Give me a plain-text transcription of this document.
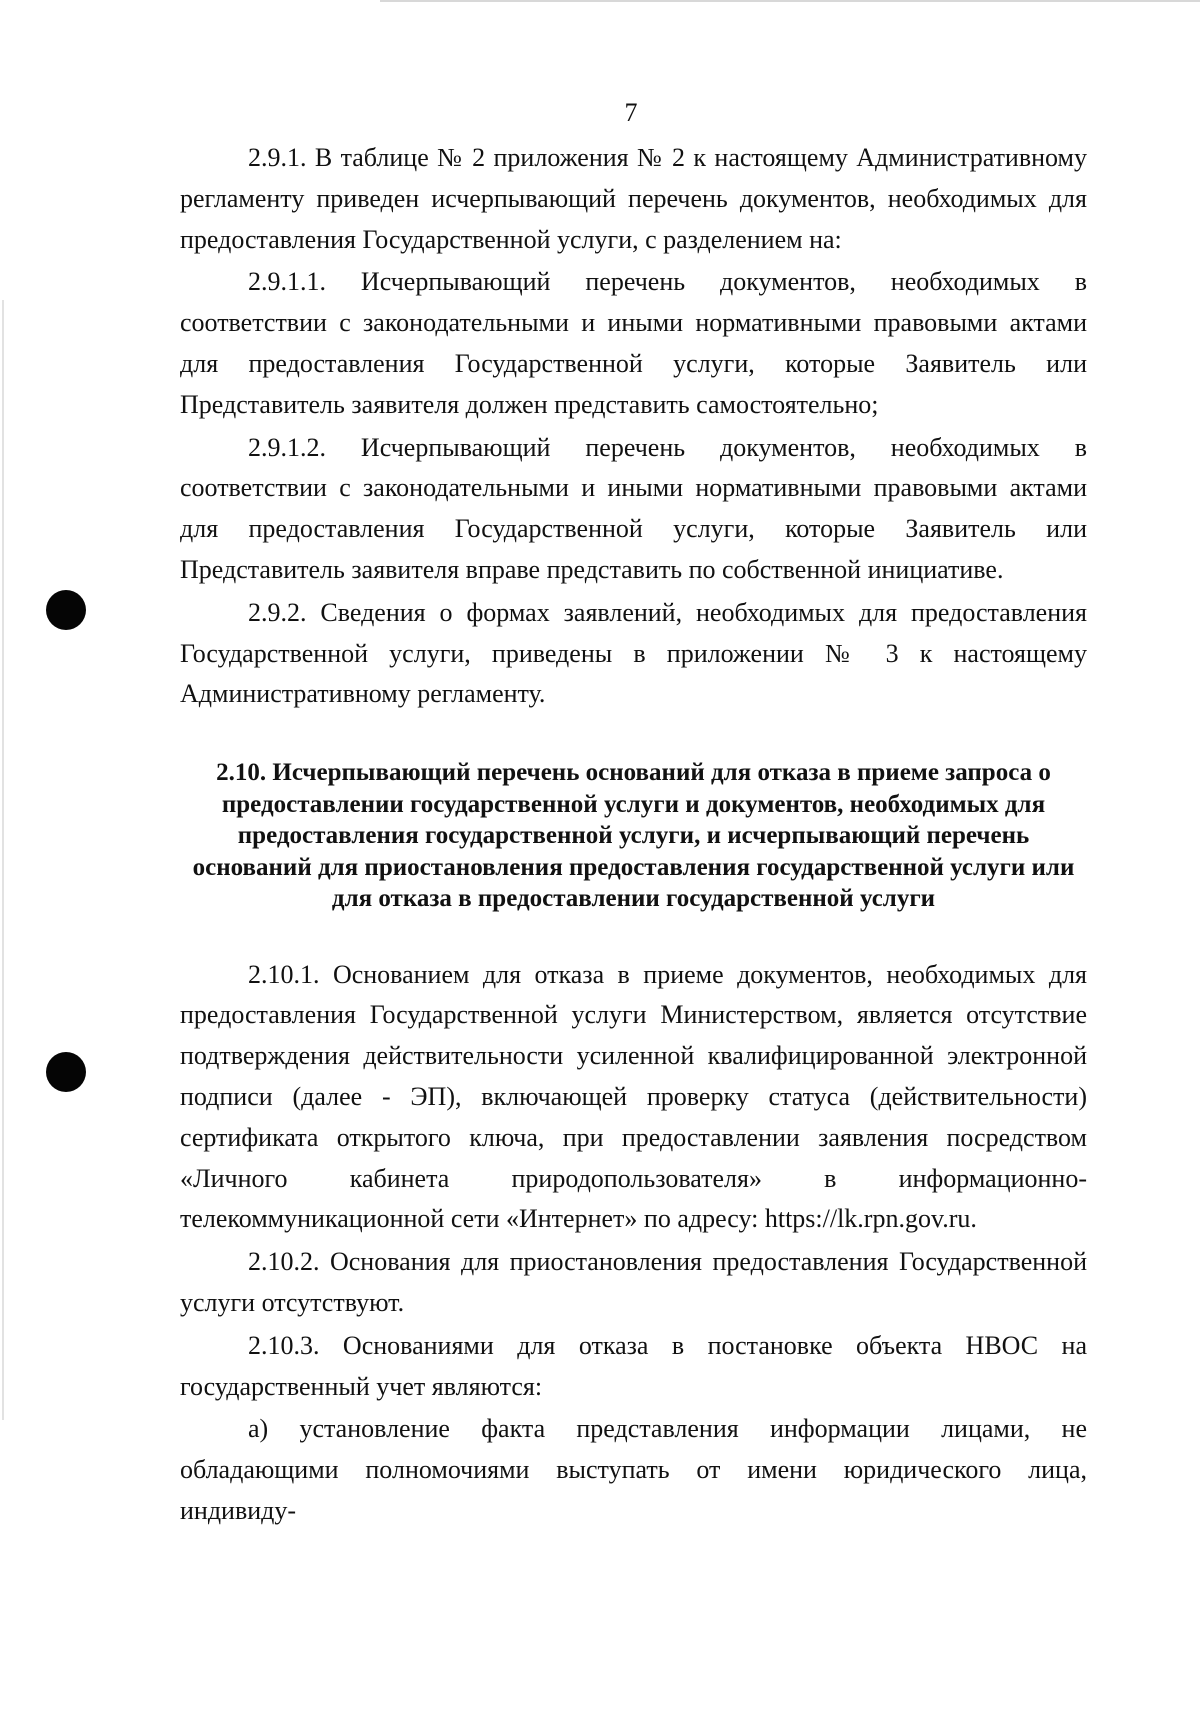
7

2.9.1. В таблице № 2 приложения № 2 к настоящему Административному регламенту приведен исчерпывающий перечень документов, необходимых для предоставления Государственной услуги, с разделением на:

2.9.1.1. Исчерпывающий перечень документов, необходимых в соответствии с законодательными и иными нормативными правовыми актами для предоставления Государственной услуги, которые Заявитель или Представитель заявителя должен представить самостоятельно;

2.9.1.2. Исчерпывающий перечень документов, необходимых в соответствии с законодательными и иными нормативными правовыми актами для предоставления Государственной услуги, которые Заявитель или Представитель заявителя вправе представить по собственной инициативе.

2.9.2. Сведения о формах заявлений, необходимых для предоставления Государственной услуги, приведены в приложении № 3 к настоящему Административному регламенту.

2.10. Исчерпывающий перечень оснований для отказа в приеме запроса о предоставлении государственной услуги и документов, необходимых для предоставления государственной услуги, и исчерпывающий перечень оснований для приостановления предоставления государственной услуги или для отказа в предоставлении государственной услуги

2.10.1. Основанием для отказа в приеме документов, необходимых для предоставления Государственной услуги Министерством, является отсутствие подтверждения действительности усиленной квалифицированной электронной подписи (далее - ЭП), включающей проверку статуса (действительности) сертификата открытого ключа, при предоставлении заявления посредством «Личного кабинета природопользователя» в информационно-телекоммуникационной сети «Интернет» по адресу: https://lk.rpn.gov.ru.

2.10.2. Основания для приостановления предоставления Государственной услуги отсутствуют.

2.10.3. Основаниями для отказа в постановке объекта НВОС на государственный учет являются:

а) установление факта представления информации лицами, не обладающими полномочиями выступать от имени юридического лица, индивиду-
